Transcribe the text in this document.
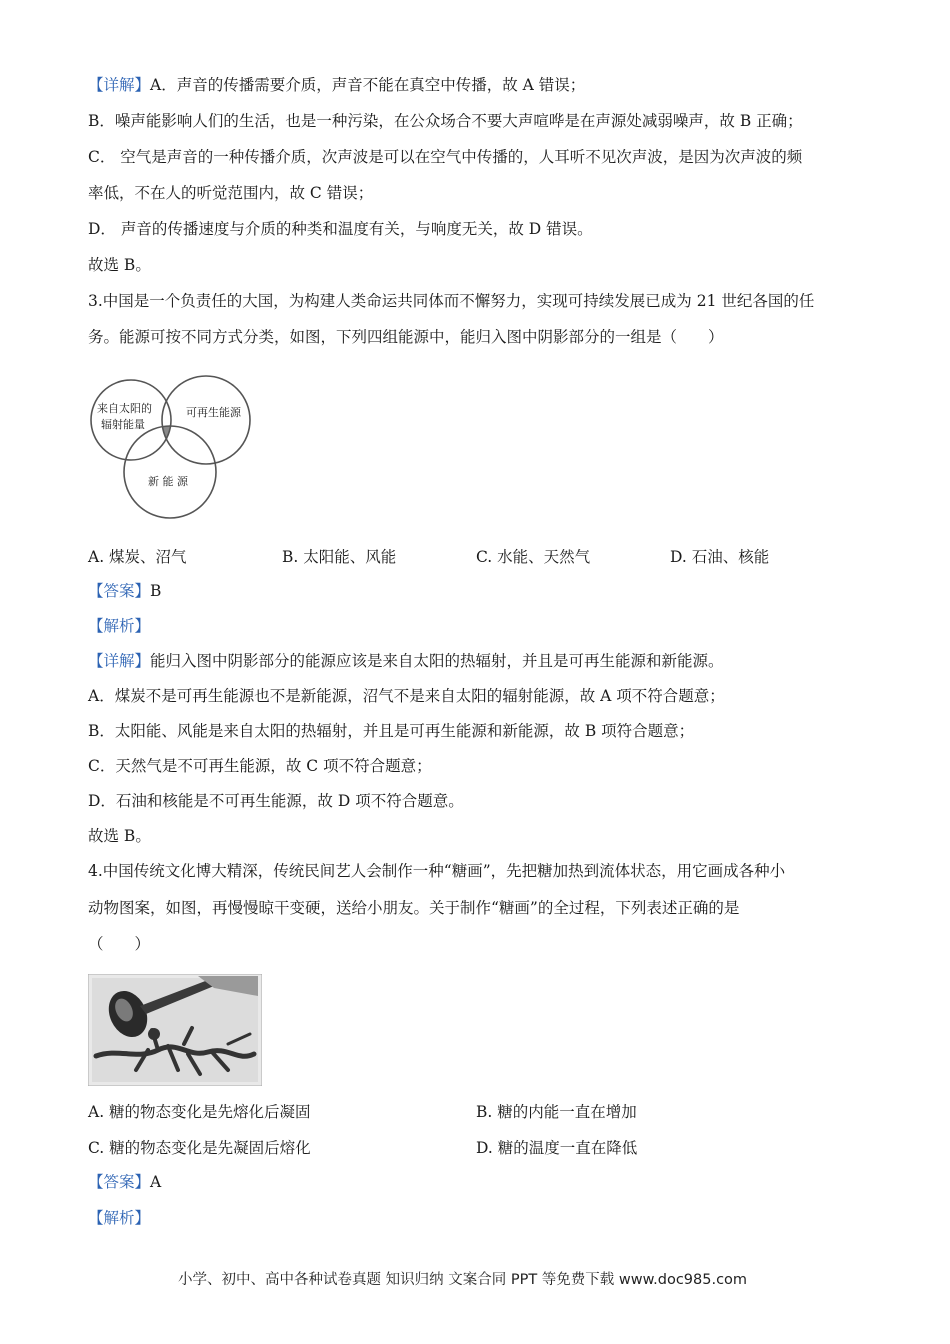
【详解】A．声音的传播需要介质，声音不能在真空中传播，故 A 错误；
B．噪声能影响人们的生活，也是一种污染，在公众场合不要大声喧哗是在声源处减弱噪声，故 B 正确；
C． 空气是声音的一种传播介质，次声波是可以在空气中传播的，人耳听不见次声波，是因为次声波的频
率低，不在人的听觉范围内，故 C 错误；
D． 声音的传播速度与介质的种类和温度有关，与响度无关，故 D 错误。
故选 B。
3.中国是一个负责任的大国，为构建人类命运共同体而不懈努力，实现可持续发展已成为 21 世纪各国的任
务。能源可按不同方式分类，如图，下列四组能源中，能归入图中阴影部分的一组是（　　）
来自太阳的
辐射能量
可再生能源
新 能 源
A. 煤炭、沼气	B. 太阳能、风能	C. 水能、天然气	D. 石油、核能
【答案】B
【解析】
【详解】能归入图中阴影部分的能源应该是来自太阳的热辐射，并且是可再生能源和新能源。
A．煤炭不是可再生能源也不是新能源，沼气不是来自太阳的辐射能源，故 A 项不符合题意；
B．太阳能、风能是来自太阳的热辐射，并且是可再生能源和新能源，故 B 项符合题意；
C．天然气是不可再生能源，故 C 项不符合题意；
D．石油和核能是不可再生能源，故 D 项不符合题意。
故选 B。
4.中国传统文化博大精深，传统民间艺人会制作一种“糖画”，先把糖加热到流体状态，用它画成各种小
动物图案，如图，再慢慢晾干变硬，送给小朋友。关于制作“糖画”的全过程，下列表述正确的是
（　　）
A. 糖的物态变化是先熔化后凝固	B. 糖的内能一直在增加
C. 糖的物态变化是先凝固后熔化	D. 糖的温度一直在降低
【答案】A
【解析】
小学、初中、高中各种试卷真题 知识归纳 文案合同 PPT 等免费下载 www.doc985.com
